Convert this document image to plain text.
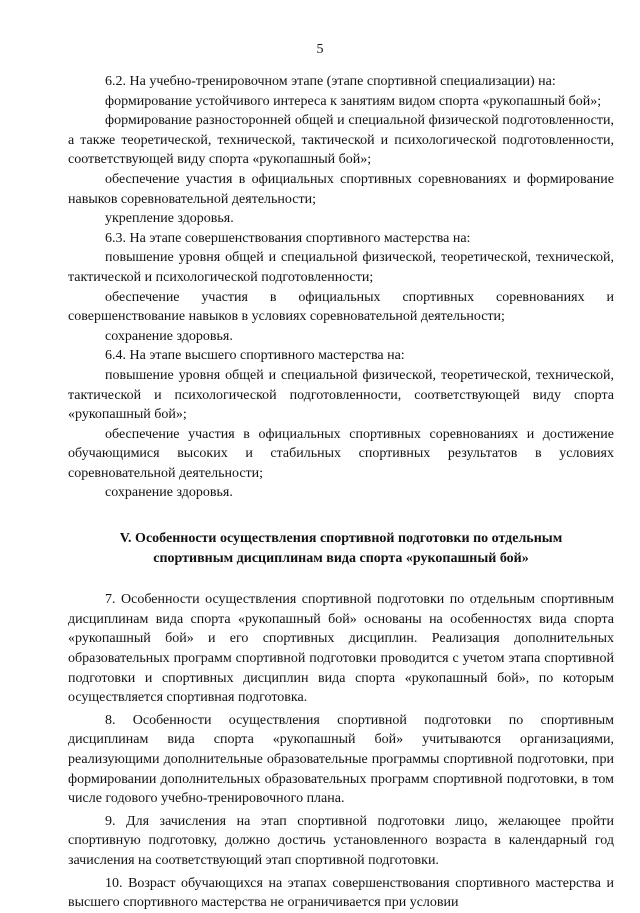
5

6.2. На учебно-тренировочном этапе (этапе спортивной специализации) на:

формирование устойчивого интереса к занятиям видом спорта «рукопашный бой»;

формирование разносторонней общей и специальной физической подготовленности, а также теоретической, технической, тактической и психологической подготовленности, соответствующей виду спорта «рукопашный бой»;

обеспечение участия в официальных спортивных соревнованиях и формирование навыков соревновательной деятельности;

укрепление здоровья.

6.3. На этапе совершенствования спортивного мастерства на:

повышение уровня общей и специальной физической, теоретической, технической, тактической и психологической подготовленности;

обеспечение участия в официальных спортивных соревнованиях и совершенствование навыков в условиях соревновательной деятельности;

сохранение здоровья.

6.4. На этапе высшего спортивного мастерства на:

повышение уровня общей и специальной физической, теоретической, технической, тактической и психологической подготовленности, соответствующей виду спорта «рукопашный бой»;

обеспечение участия в официальных спортивных соревнованиях и достижение обучающимися высоких и стабильных спортивных результатов в условиях соревновательной деятельности;

сохранение здоровья.

V. Особенности осуществления спортивной подготовки по отдельным
спортивным дисциплинам вида спорта «рукопашный бой»

7. Особенности осуществления спортивной подготовки по отдельным спортивным дисциплинам вида спорта «рукопашный бой» основаны на особенностях вида спорта «рукопашный бой» и его спортивных дисциплин. Реализация дополнительных образовательных программ спортивной подготовки проводится с учетом этапа спортивной подготовки и спортивных дисциплин вида спорта «рукопашный бой», по которым осуществляется спортивная подготовка.

8. Особенности осуществления спортивной подготовки по спортивным дисциплинам вида спорта «рукопашный бой» учитываются организациями, реализующими дополнительные образовательные программы спортивной подготовки, при формировании дополнительных образовательных программ спортивной подготовки, в том числе годового учебно-тренировочного плана.

9. Для зачисления на этап спортивной подготовки лицо, желающее пройти спортивную подготовку, должно достичь установленного возраста в календарный год зачисления на соответствующий этап спортивной подготовки.

10. Возраст обучающихся на этапах совершенствования спортивного мастерства и высшего спортивного мастерства не ограничивается при условии
